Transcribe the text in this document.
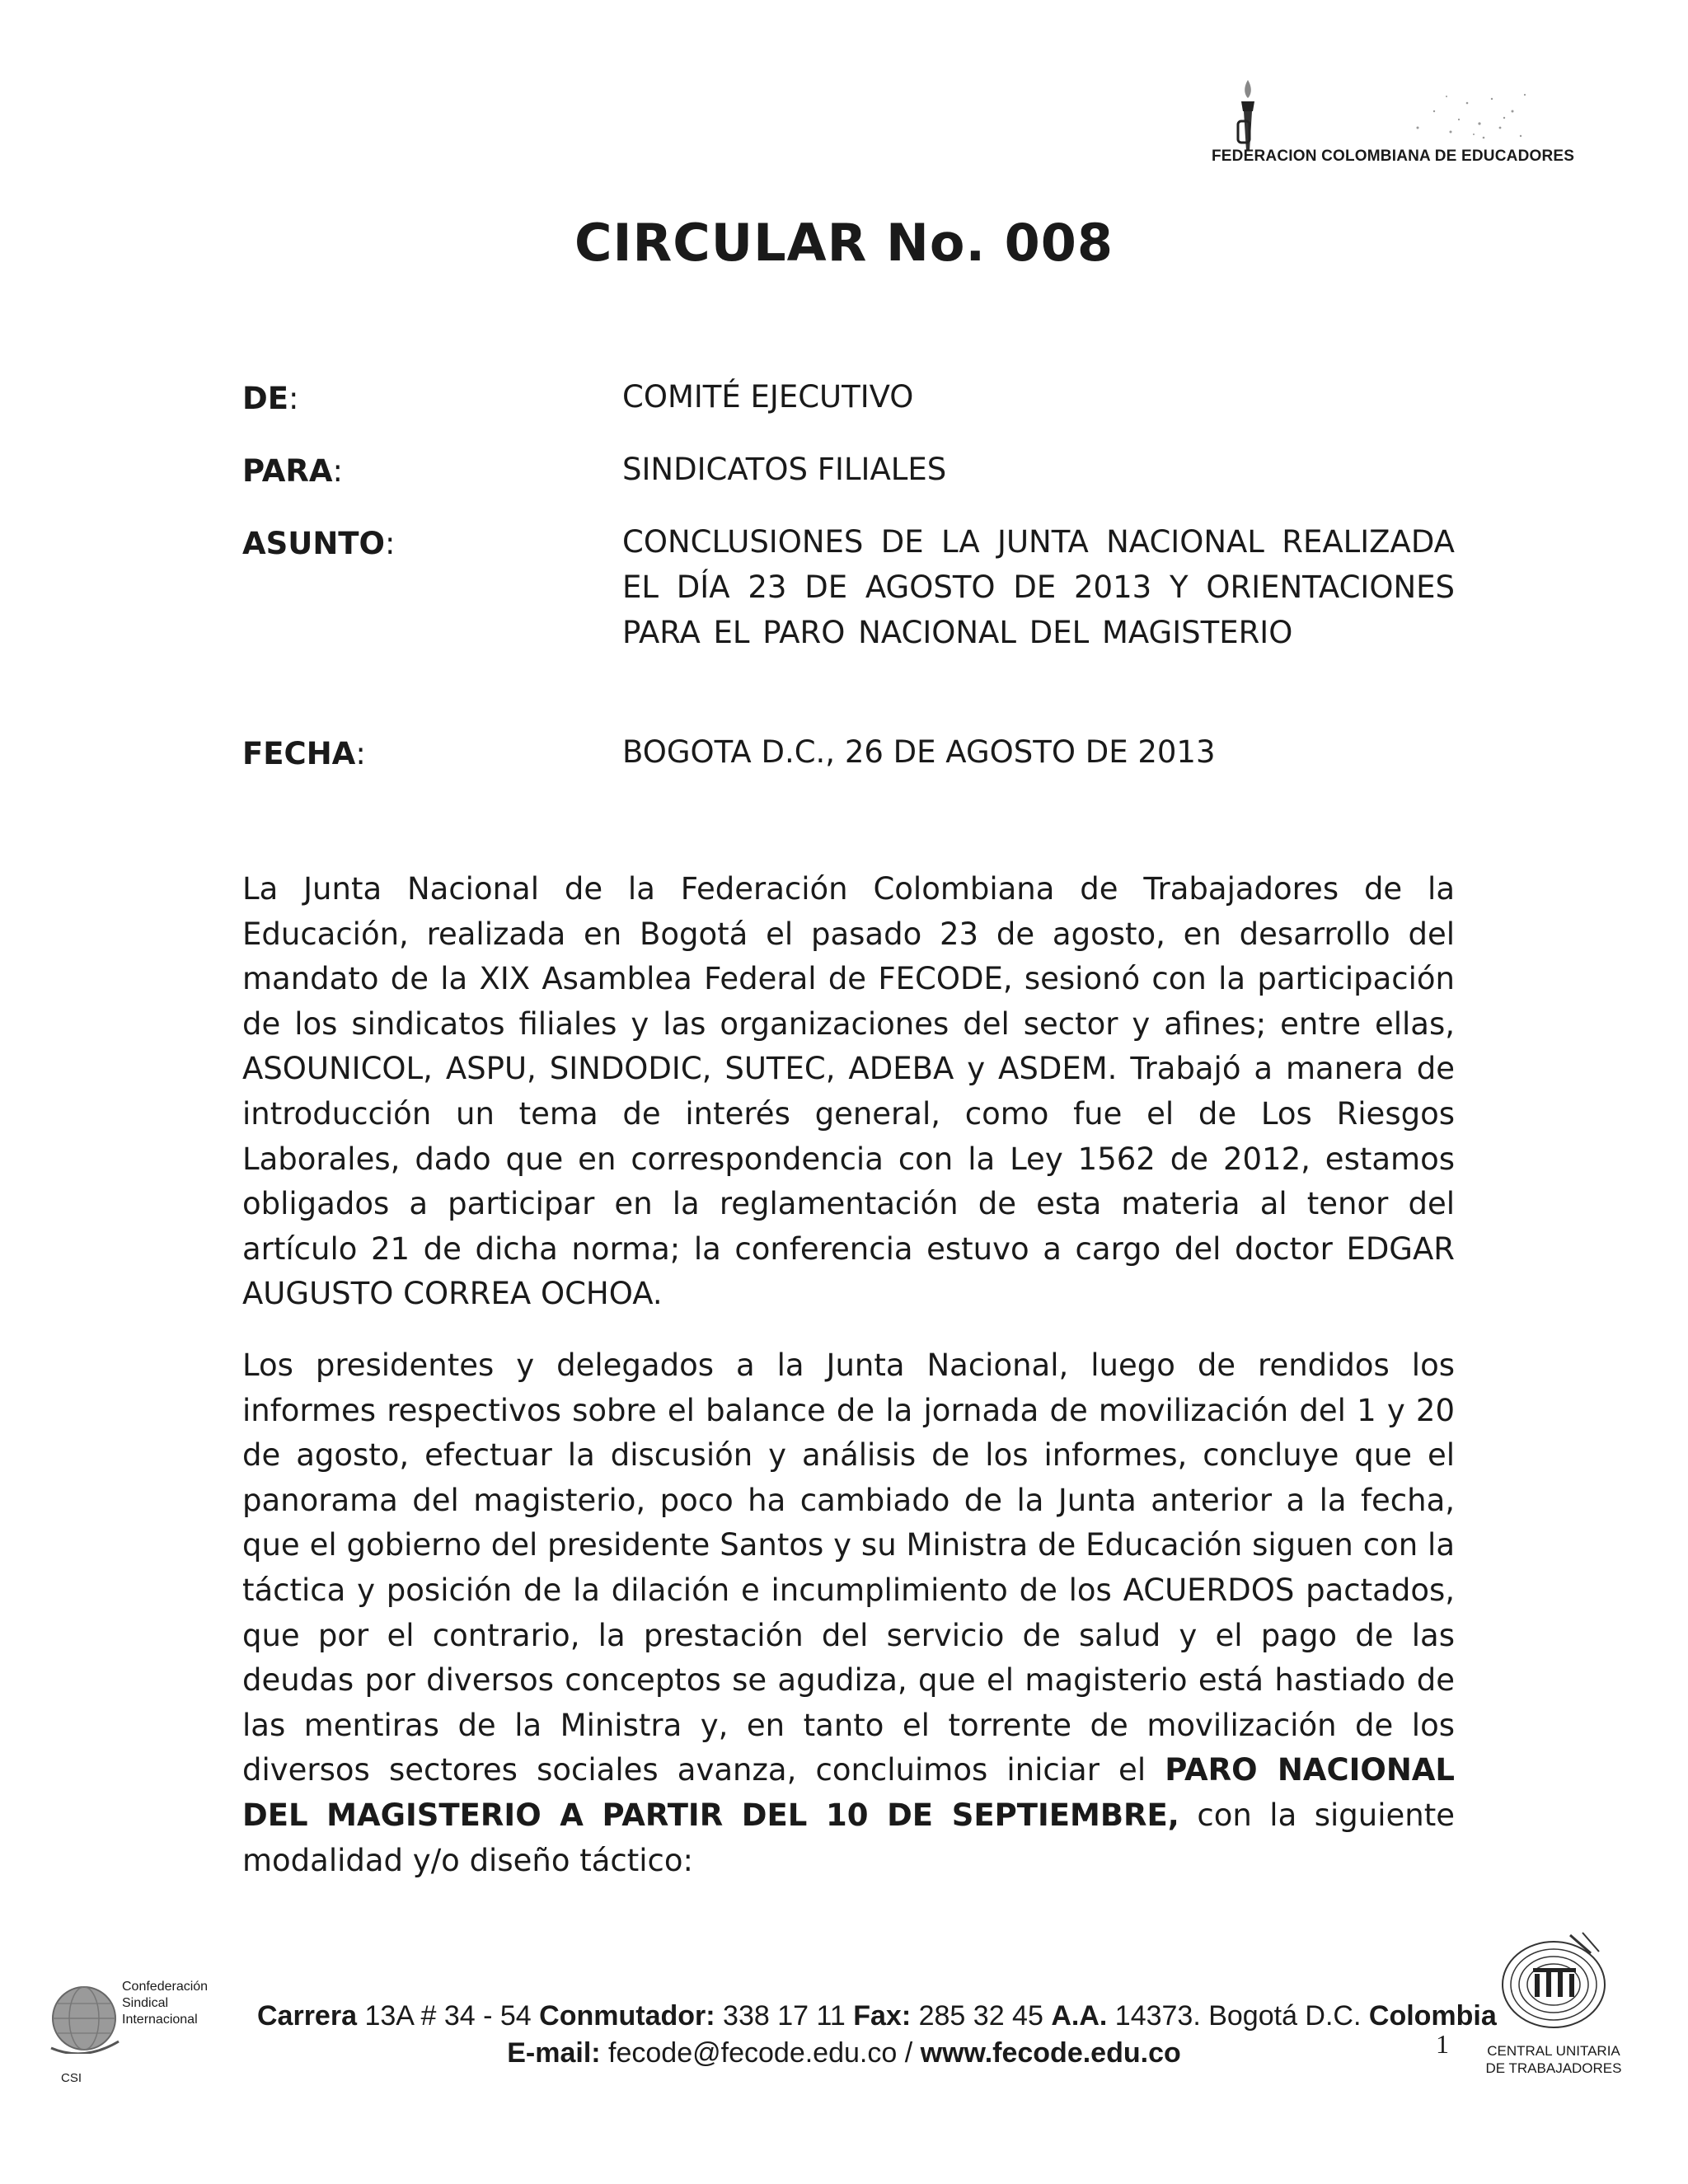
FEDERACION COLOMBIANA DE EDUCADORES
CIRCULAR No. 008
DE:	COMITÉ EJECUTIVO
PARA:	SINDICATOS FILIALES
ASUNTO:	CONCLUSIONES DE LA JUNTA NACIONAL REALIZADA EL DÍA 23 DE AGOSTO DE 2013 Y ORIENTACIONES PARA EL PARO NACIONAL DEL MAGISTERIO
FECHA:	BOGOTA D.C., 26 DE AGOSTO DE 2013
La Junta Nacional de la Federación Colombiana de Trabajadores de la Educación, realizada en Bogotá el pasado 23 de agosto, en desarrollo del mandato de la XIX Asamblea Federal de FECODE, sesionó con la participación de los sindicatos filiales y las organizaciones del sector y afines; entre ellas, ASOUNICOL, ASPU, SINDODIC, SUTEC, ADEBA y ASDEM. Trabajó a manera de introducción un tema de interés general, como fue el de Los Riesgos Laborales, dado que en correspondencia con la Ley 1562 de 2012, estamos obligados a participar en la reglamentación de esta materia al tenor del artículo 21 de dicha norma; la conferencia estuvo a cargo del doctor EDGAR AUGUSTO CORREA OCHOA.
Los presidentes y delegados a la Junta Nacional, luego de rendidos los informes respectivos sobre el balance de la jornada de movilización del 1 y 20 de agosto, efectuar la discusión y análisis de los informes, concluye que el panorama del magisterio, poco ha cambiado de la Junta anterior a la fecha, que el gobierno del presidente Santos y su Ministra de Educación siguen con la táctica y posición de la dilación e incumplimiento de los ACUERDOS pactados, que por el contrario, la prestación del servicio de salud y el pago de las deudas por diversos conceptos se agudiza, que el magisterio está hastiado de las mentiras de la Ministra y, en tanto el torrente de movilización de los diversos sectores sociales avanza, concluimos iniciar el PARO NACIONAL DEL MAGISTERIO A PARTIR DEL 10 DE SEPTIEMBRE, con la siguiente modalidad y/o diseño táctico:
Confederación
Sindical
Internacional
CSI
Carrera 13A # 34 - 54 Conmutador: 338 17 11 Fax: 285 32 45 A.A. 14373. Bogotá D.C. Colombia
E-mail: fecode@fecode.edu.co / www.fecode.edu.co	1	CENTRAL UNITARIA
DE TRABAJADORES
